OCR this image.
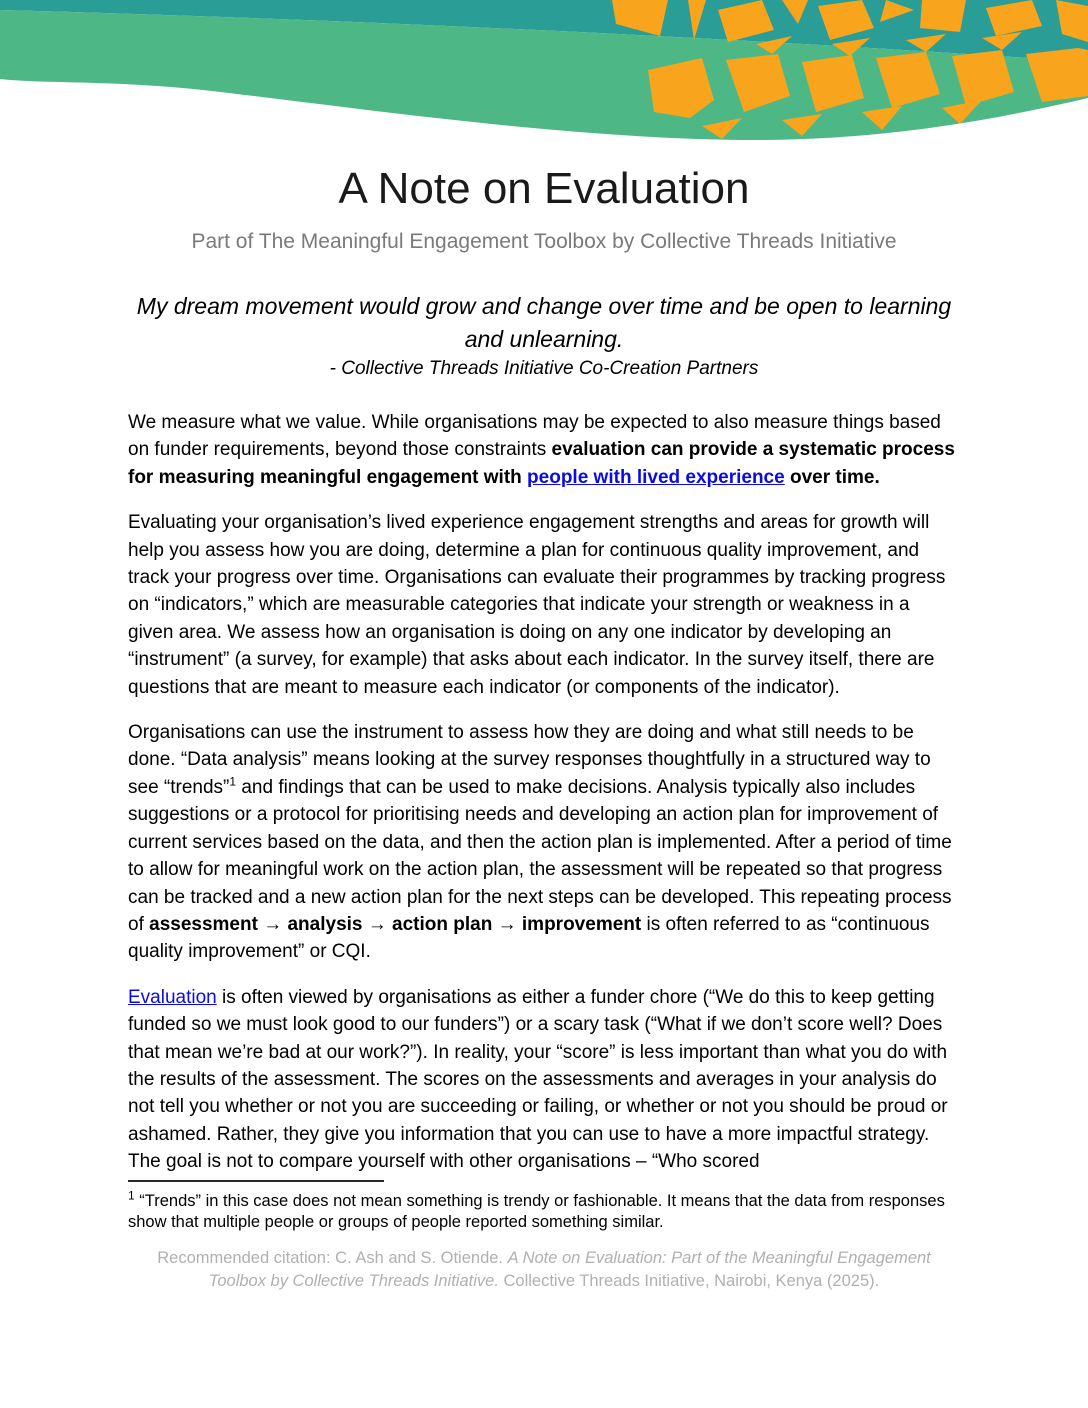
A Note on Evaluation
Part of The Meaningful Engagement Toolbox by Collective Threads Initiative
My dream movement would grow and change over time and be open to learning and unlearning.
- Collective Threads Initiative Co-Creation Partners

We measure what we value. While organisations may be expected to also measure things based on funder requirements, beyond those constraints evaluation can provide a systematic process for measuring meaningful engagement with people with lived experience over time.

Evaluating your organisation’s lived experience engagement strengths and areas for growth will help you assess how you are doing, determine a plan for continuous quality improvement, and track your progress over time. Organisations can evaluate their programmes by tracking progress on “indicators,” which are measurable categories that indicate your strength or weakness in a given area. We assess how an organisation is doing on any one indicator by developing an “instrument” (a survey, for example) that asks about each indicator. In the survey itself, there are questions that are meant to measure each indicator (or components of the indicator).

Organisations can use the instrument to assess how they are doing and what still needs to be done. “Data analysis” means looking at the survey responses thoughtfully in a structured way to see “trends”$^1$ and findings that can be used to make decisions. Analysis typically also includes suggestions or a protocol for prioritising needs and developing an action plan for improvement of current services based on the data, and then the action plan is implemented. After a period of time to allow for meaningful work on the action plan, the assessment will be repeated so that progress can be tracked and a new action plan for the next steps can be developed. This repeating process of assessment → analysis → action plan → improvement is often referred to as “continuous quality improvement” or CQI.

Evaluation is often viewed by organisations as either a funder chore (“We do this to keep getting funded so we must look good to our funders”) or a scary task (“What if we don’t score well? Does that mean we’re bad at our work?”). In reality, your “score” is less important than what you do with the results of the assessment. The scores on the assessments and averages in your analysis do not tell you whether or not you are succeeding or failing, or whether or not you should be proud or ashamed. Rather, they give you information that you can use to have a more impactful strategy. The goal is not to compare yourself with other organisations – “Who scored

$^1$ “Trends” in this case does not mean something is trendy or fashionable. It means that the data from responses show that multiple people or groups of people reported something similar.

Recommended citation: C. Ash and S. Otiende. A Note on Evaluation: Part of the Meaningful Engagement Toolbox by Collective Threads Initiative. Collective Threads Initiative, Nairobi, Kenya (2025).
